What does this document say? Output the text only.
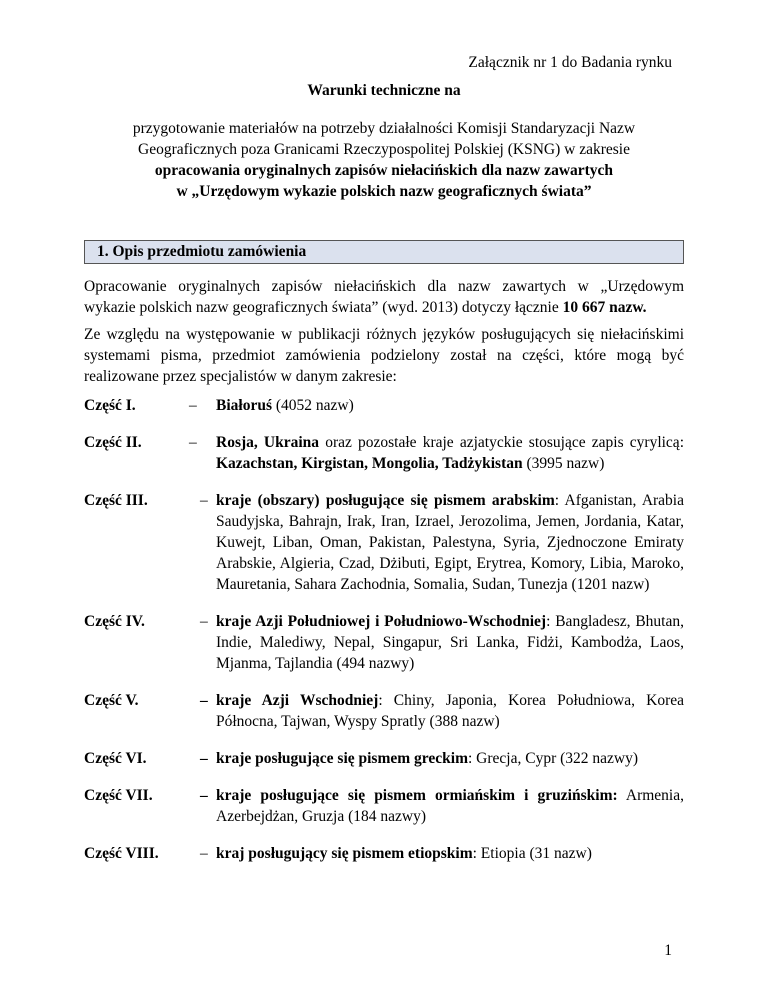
Załącznik nr 1 do Badania rynku
Warunki techniczne na
przygotowanie materiałów na potrzeby działalności Komisji Standaryzacji Nazw
Geograficznych poza Granicami Rzeczypospolitej Polskiej (KSNG) w zakresie
opracowania oryginalnych zapisów niełacińskich dla nazw zawartych
w „Urzędowym wykazie polskich nazw geograficznych świata”
1. Opis przedmiotu zamówienia
Opracowanie oryginalnych zapisów niełacińskich dla nazw zawartych w „Urzędowym
wykazie polskich nazw geograficznych świata” (wyd. 2013) dotyczy łącznie 10 667 nazw.
Ze względu na występowanie w publikacji różnych języków posługujących się niełacińskimi
systemami pisma, przedmiot zamówienia podzielony został na części, które mogą być
realizowane przez specjalistów w danym zakresie:
Część I.	– Białoruś (4052 nazw)
Część II.	– Rosja, Ukraina oraz pozostałe kraje azjatyckie stosujące zapis cyrylicą: Kazachstan, Kirgistan, Mongolia, Tadżykistan (3995 nazw)
Część III.	– kraje (obszary) posługujące się pismem arabskim: Afganistan, Arabia Saudyjska, Bahrajn, Irak, Iran, Izrael, Jerozolima, Jemen, Jordania, Katar, Kuwejt, Liban, Oman, Pakistan, Palestyna, Syria, Zjednoczone Emiraty Arabskie, Algieria, Czad, Dżibuti, Egipt, Erytrea, Komory, Libia, Maroko, Mauretania, Sahara Zachodnia, Somalia, Sudan, Tunezja (1201 nazw)
Część IV.	– kraje Azji Południowej i Południowo-Wschodniej: Bangladesz, Bhutan, Indie, Malediwy, Nepal, Singapur, Sri Lanka, Fidżi, Kambodża, Laos, Mjanma, Tajlandia (494 nazwy)
Część V.	– kraje Azji Wschodniej: Chiny, Japonia, Korea Południowa, Korea Północna, Tajwan, Wyspy Spratly (388 nazw)
Część VI.	– kraje posługujące się pismem greckim: Grecja, Cypr (322 nazwy)
Część VII.	– kraje posługujące się pismem ormiańskim i gruzińskim: Armenia, Azerbejdżan, Gruzja (184 nazwy)
Część VIII.	– kraj posługujący się pismem etiopskim: Etiopia (31 nazw)
1
